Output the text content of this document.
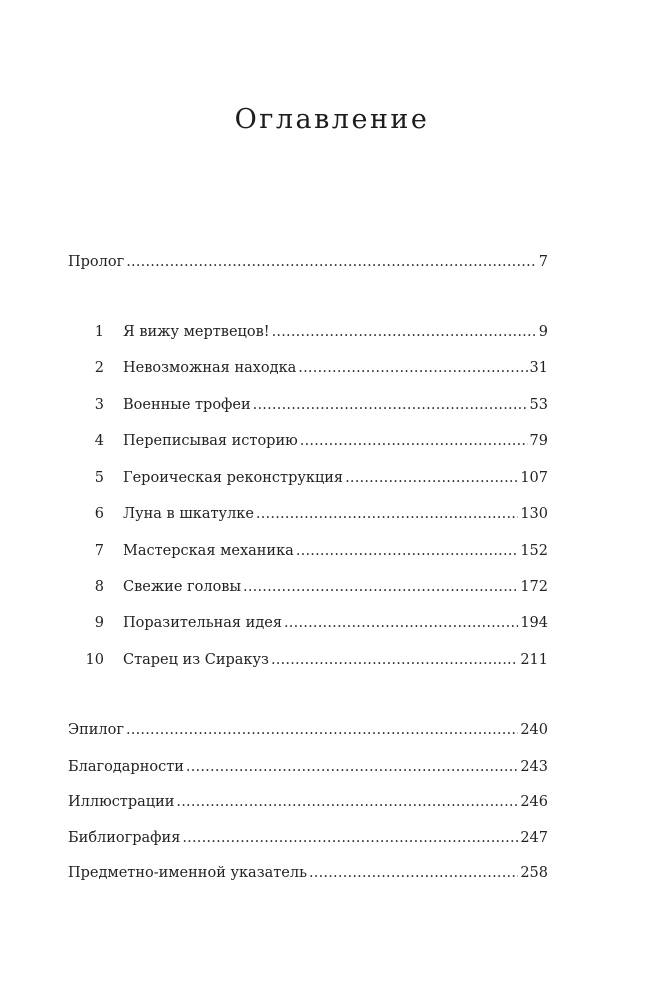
Оглавление
Пролог . . .	7
1 Я вижу мертвецов! . . .	9
2 Невозможная находка . . .	31
3 Военные трофеи . . .	53
4 Переписывая историю . . .	79
5 Героическая реконструкция . . .	107
6 Луна в шкатулке . . .	130
7 Мастерская механика . . .	152
8 Свежие головы . . .	172
9 Поразительная идея . . .	194
10 Старец из Сиракуз . . .	211
Эпилог . . .	240
Благодарности . . .	243
Иллюстрации . . .	246
Библиография . . .	247
Предметно-именной указатель . . .	258
